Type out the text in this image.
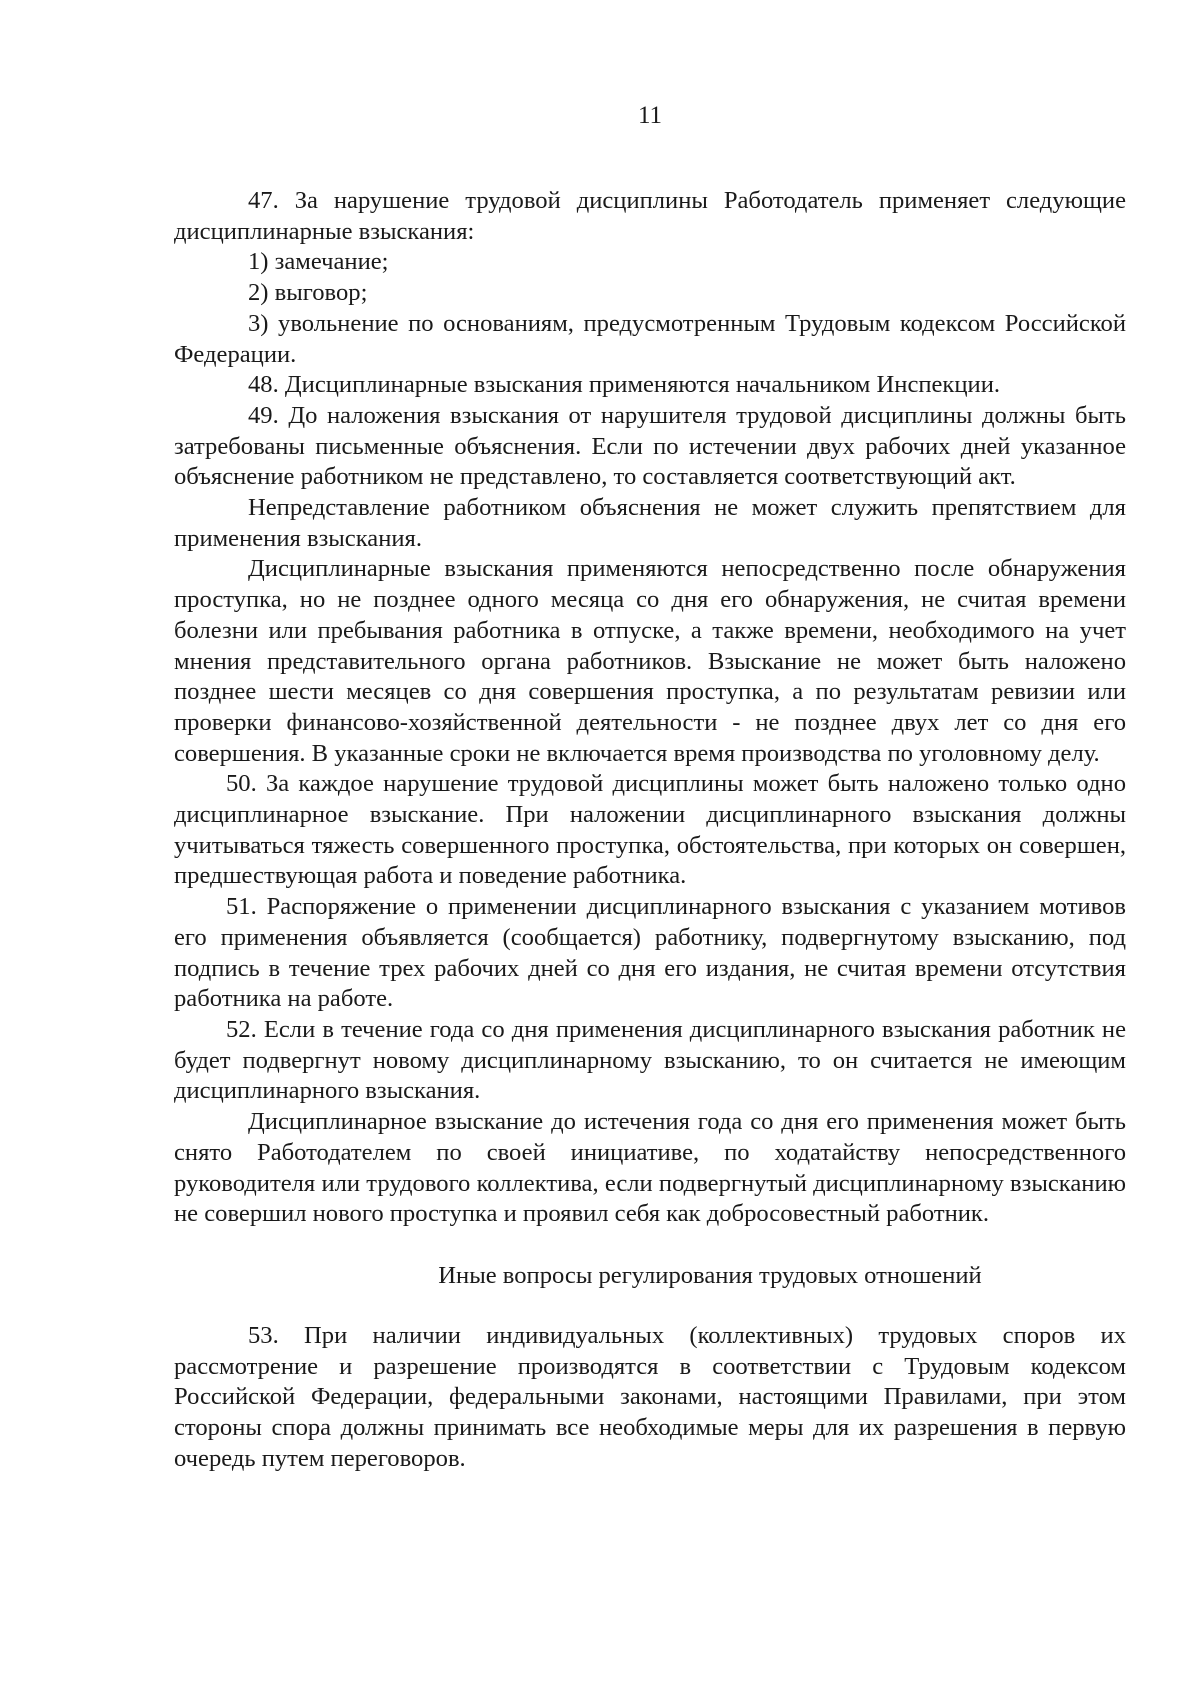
11

47. За нарушение трудовой дисциплины Работодатель применяет следующие дисциплинарные взыскания:

1) замечание;

2) выговор;

3) увольнение по основаниям, предусмотренным Трудовым кодексом Российской Федерации.

48. Дисциплинарные взыскания применяются начальником Инспекции.

49. До наложения взыскания от нарушителя трудовой дисциплины должны быть затребованы письменные объяснения. Если по истечении двух рабочих дней указанное объяснение работником не представлено, то составляется соответствующий акт.

Непредставление работником объяснения не может служить препятствием для применения взыскания.

Дисциплинарные взыскания применяются непосредственно после обнаружения проступка, но не позднее одного месяца со дня его обнаружения, не считая времени болезни или пребывания работника в отпуске, а также времени, необходимого на учет мнения представительного органа работников. Взыскание не может быть наложено позднее шести месяцев со дня совершения проступка, а по результатам ревизии или проверки финансово-хозяйственной деятельности - не позднее двух лет со дня его совершения. В указанные сроки не включается время производства по уголовному делу.

50. За каждое нарушение трудовой дисциплины может быть наложено только одно дисциплинарное взыскание. При наложении дисциплинарного взыскания должны учитываться тяжесть совершенного проступка, обстоятельства, при которых он совершен, предшествующая работа и поведение работника.

51. Распоряжение о применении дисциплинарного взыскания с указанием мотивов его применения объявляется (сообщается) работнику, подвергнутому взысканию, под подпись в течение трех рабочих дней со дня его издания, не считая времени отсутствия работника на работе.

52. Если в течение года со дня применения дисциплинарного взыскания работник не будет подвергнут новому дисциплинарному взысканию, то он считается не имеющим дисциплинарного взыскания.

Дисциплинарное взыскание до истечения года со дня его применения может быть снято Работодателем по своей инициативе, по ходатайству непосредственного руководителя или трудового коллектива, если подвергнутый дисциплинарному взысканию не совершил нового проступка и проявил себя как добросовестный работник.

Иные вопросы регулирования трудовых отношений

53. При наличии индивидуальных (коллективных) трудовых споров их рассмотрение и разрешение производятся в соответствии с Трудовым кодексом Российской Федерации, федеральными законами, настоящими Правилами, при этом стороны спора должны принимать все необходимые меры для их разрешения в первую очередь путем переговоров.
